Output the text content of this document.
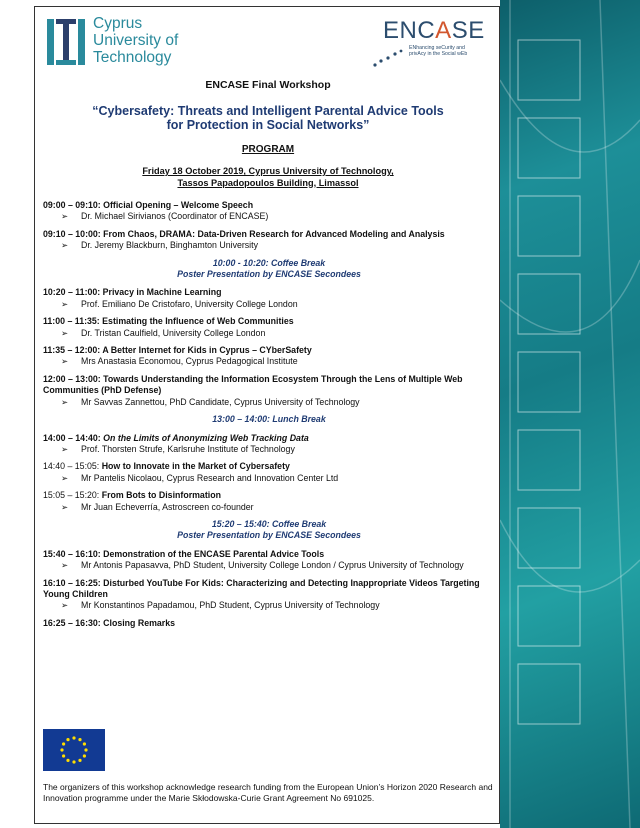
Cyprus
University of
Technology
ENCASE
ENhancing seCurity and
privAcy in the Social wEb
ENCASE Final Workshop
“Cybersafety: Threats and Intelligent Parental Advice Tools
for Protection in Social Networks”
PROGRAM
Friday 18 October 2019, Cyprus University of Technology,
Tassos Papadopoulos Building, Limassol
09:00 – 09:10: Official Opening – Welcome Speech
➢ Dr. Michael Sirivianos (Coordinator of ENCASE)
09:10 – 10:00: From Chaos, DRAMA: Data-Driven Research for Advanced Modeling and Analysis
➢ Dr. Jeremy Blackburn, Binghamton University
10:00 - 10:20: Coffee Break
Poster Presentation by ENCASE Secondees
10:20 – 11:00: Privacy in Machine Learning
➢ Prof. Emiliano De Cristofaro, University College London
11:00 – 11:35: Estimating the Influence of Web Communities
➢ Dr. Tristan Caulfield, University College London
11:35 – 12:00: A Better Internet for Kids in Cyprus – CYberSafety
➢ Mrs Anastasia Economou, Cyprus Pedagogical Institute
12:00 – 13:00: Towards Understanding the Information Ecosystem Through the Lens of Multiple Web Communities (PhD Defense)
➢ Mr Savvas Zannettou, PhD Candidate, Cyprus University of Technology
13:00 – 14:00: Lunch Break
14:00 – 14:40: On the Limits of Anonymizing Web Tracking Data
➢ Prof. Thorsten Strufe, Karlsruhe Institute of Technology
14:40 – 15:05: How to Innovate in the Market of Cybersafety
➢ Mr Pantelis Nicolaou, Cyprus Research and Innovation Center Ltd
15:05 – 15:20: From Bots to Disinformation
➢ Mr Juan Echeverría, Astroscreen co-founder
15:20 – 15:40: Coffee Break
Poster Presentation by ENCASE Secondees
15:40 – 16:10: Demonstration of the ENCASE Parental Advice Tools
➢ Mr Antonis Papasavva, PhD Student, University College London / Cyprus University of Technology
16:10 – 16:25: Disturbed YouTube For Kids: Characterizing and Detecting Inappropriate Videos Targeting Young Children
➢ Mr Konstantinos Papadamou, PhD Student, Cyprus University of Technology
16:25 – 16:30: Closing Remarks
The organizers of this workshop acknowledge research funding from the European Union’s Horizon 2020 Research and Innovation programme under the Marie Skłodowska-Curie Grant Agreement No 691025.
